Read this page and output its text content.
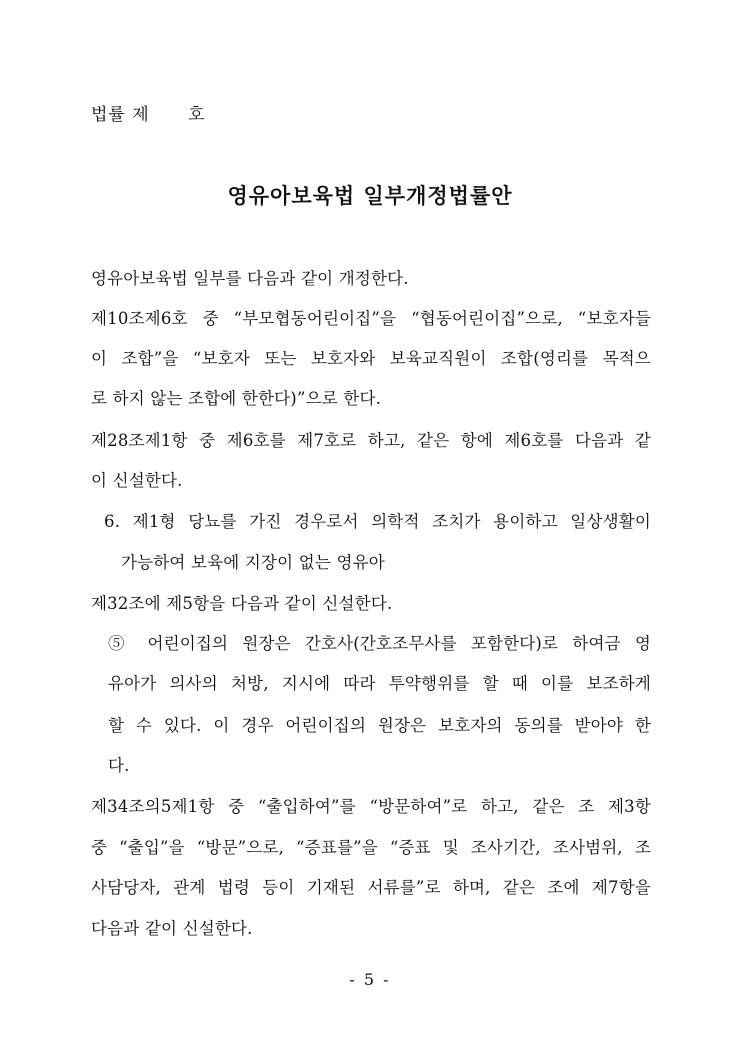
법률 제      호
영유아보육법 일부개정법률안
영유아보육법 일부를 다음과 같이 개정한다.
제10조제6호 중 “부모협동어린이집”을 “협동어린이집”으로, “보호자들
이 조합”을 “보호자 또는 보호자와 보육교직원이 조합(영리를 목적으
로 하지 않는 조합에 한한다)”으로 한다.
제28조제1항 중 제6호를 제7호로 하고, 같은 항에 제6호를 다음과 같
이 신설한다.
6. 제1형 당뇨를 가진 경우로서 의학적 조치가 용이하고 일상생활이
가능하여 보육에 지장이 없는 영유아
제32조에 제5항을 다음과 같이 신설한다.
⑤ 어린이집의 원장은 간호사(간호조무사를 포함한다)로 하여금 영
유아가 의사의 처방, 지시에 따라 투약행위를 할 때 이를 보조하게
할 수 있다. 이 경우 어린이집의 원장은 보호자의 동의를 받아야 한
다.
제34조의5제1항 중 “출입하여”를 “방문하여”로 하고, 같은 조 제3항
중 “출입”을 “방문”으로, “증표를”을 “증표 및 조사기간, 조사범위, 조
사담당자, 관계 법령 등이 기재된 서류를”로 하며, 같은 조에 제7항을
다음과 같이 신설한다.
- 5 -
